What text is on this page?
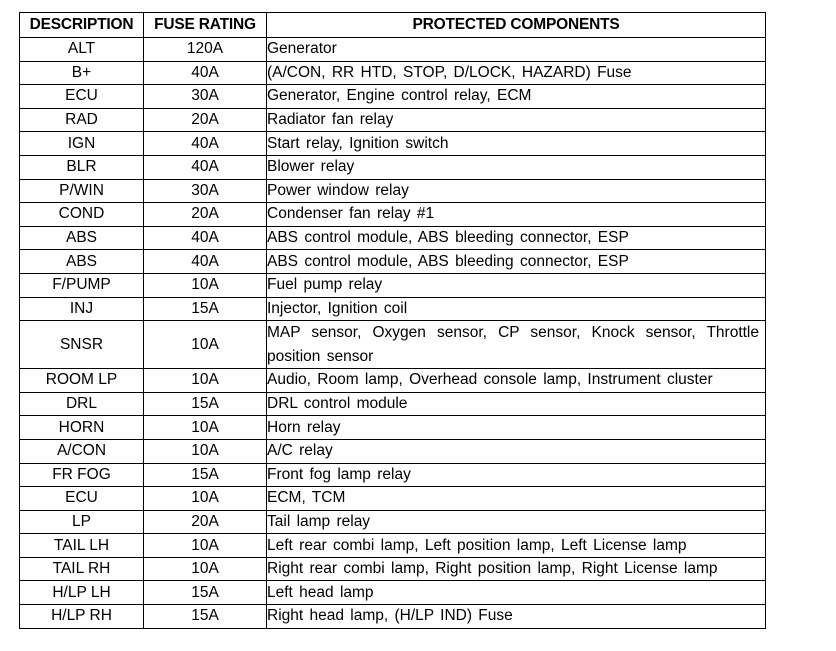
DESCRIPTION	FUSE RATING	PROTECTED COMPONENTS
ALT	120A	Generator
B+	40A	(A/CON, RR HTD, STOP, D/LOCK, HAZARD) Fuse
ECU	30A	Generator, Engine control relay, ECM
RAD	20A	Radiator fan relay
IGN	40A	Start relay, Ignition switch
BLR	40A	Blower relay
P/WIN	30A	Power window relay
COND	20A	Condenser fan relay #1
ABS	40A	ABS control module, ABS bleeding connector, ESP
ABS	40A	ABS control module, ABS bleeding connector, ESP
F/PUMP	10A	Fuel pump relay
INJ	15A	Injector, Ignition coil
SNSR	10A	MAP sensor, Oxygen sensor, CP sensor, Knock sensor, Throttle position sensor
ROOM LP	10A	Audio, Room lamp, Overhead console lamp, Instrument cluster
DRL	15A	DRL control module
HORN	10A	Horn relay
A/CON	10A	A/C relay
FR FOG	15A	Front fog lamp relay
ECU	10A	ECM, TCM
LP	20A	Tail lamp relay
TAIL LH	10A	Left rear combi lamp, Left position lamp, Left License lamp
TAIL RH	10A	Right rear combi lamp, Right position lamp, Right License lamp
H/LP LH	15A	Left head lamp
H/LP RH	15A	Right head lamp, (H/LP IND) Fuse
